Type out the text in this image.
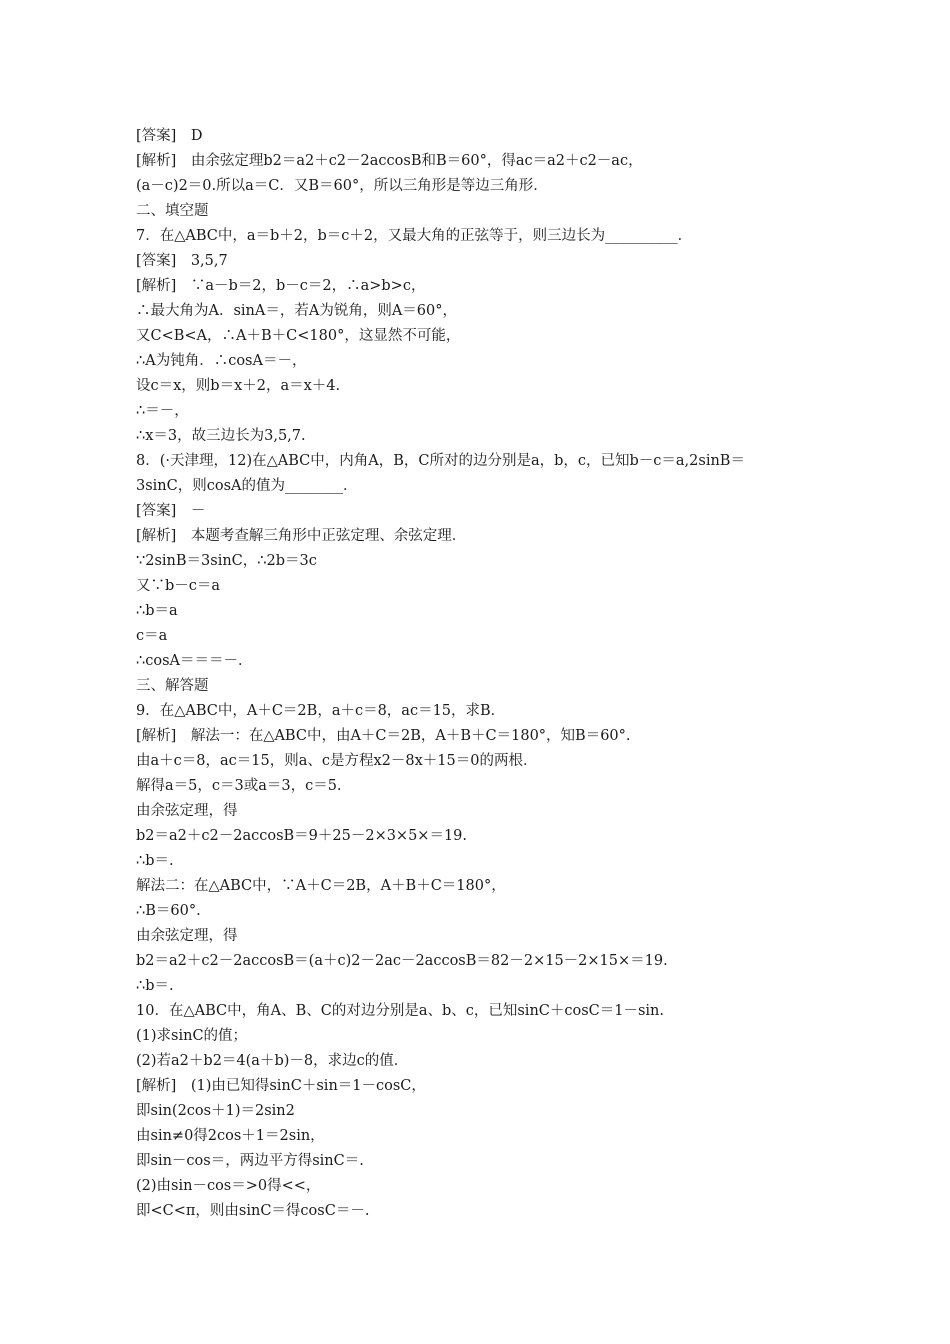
[答案]　D
[解析]　由余弦定理b2＝a2＋c2－2accosB和B＝60°，得ac＝a2＋c2－ac，
(a－c)2＝0.所以a＝C．又B＝60°，所以三角形是等边三角形．
二、填空题
7．在△ABC中，a＝b＋2，b＝c＋2，又最大角的正弦等于，则三边长为__________．
[答案]　3,5,7
[解析]　∵a－b＝2，b－c＝2，∴a>b>c，
∴最大角为A．sinA＝，若A为锐角，则A＝60°，
又C<B<A，∴A＋B＋C<180°，这显然不可能，
∴A为钝角．∴cosA＝－，
设c＝x，则b＝x＋2，a＝x＋4.
∴＝－，
∴x＝3，故三边长为3,5,7.
8．(·天津理，12)在△ABC中，内角A，B，C所对的边分别是a，b，c，已知b－c＝a,2sinB＝
3sinC，则cosA的值为________．
[答案]　－
[解析]　本题考查解三角形中正弦定理、余弦定理．
∵2sinB＝3sinC，∴2b＝3c
又∵b－c＝a
∴b＝a
c＝a
∴cosA＝＝＝－．
三、解答题
9．在△ABC中，A＋C＝2B，a＋c＝8，ac＝15，求B．
[解析]　解法一：在△ABC中，由A＋C＝2B，A＋B＋C＝180°，知B＝60°.
由a＋c＝8，ac＝15，则a、c是方程x2－8x＋15＝0的两根．
解得a＝5，c＝3或a＝3，c＝5.
由余弦定理，得
b2＝a2＋c2－2accosB＝9＋25－2×3×5×＝19.
∴b＝.
解法二：在△ABC中，∵A＋C＝2B，A＋B＋C＝180°，
∴B＝60°.
由余弦定理，得
b2＝a2＋c2－2accosB＝(a＋c)2－2ac－2accosB＝82－2×15－2×15×＝19.
∴b＝.
10．在△ABC中，角A、B、C的对边分别是a、b、c，已知sinC＋cosC＝1－sin.
(1)求sinC的值；
(2)若a2＋b2＝4(a＋b)－8，求边c的值．
[解析]　(1)由已知得sinC＋sin＝1－cosC，
即sin(2cos＋1)＝2sin2
由sin≠0得2cos＋1＝2sin，
即sin－cos＝，两边平方得sinC＝.
(2)由sin－cos＝>0得<<，
即<C<π，则由sinC＝得cosC＝－.
